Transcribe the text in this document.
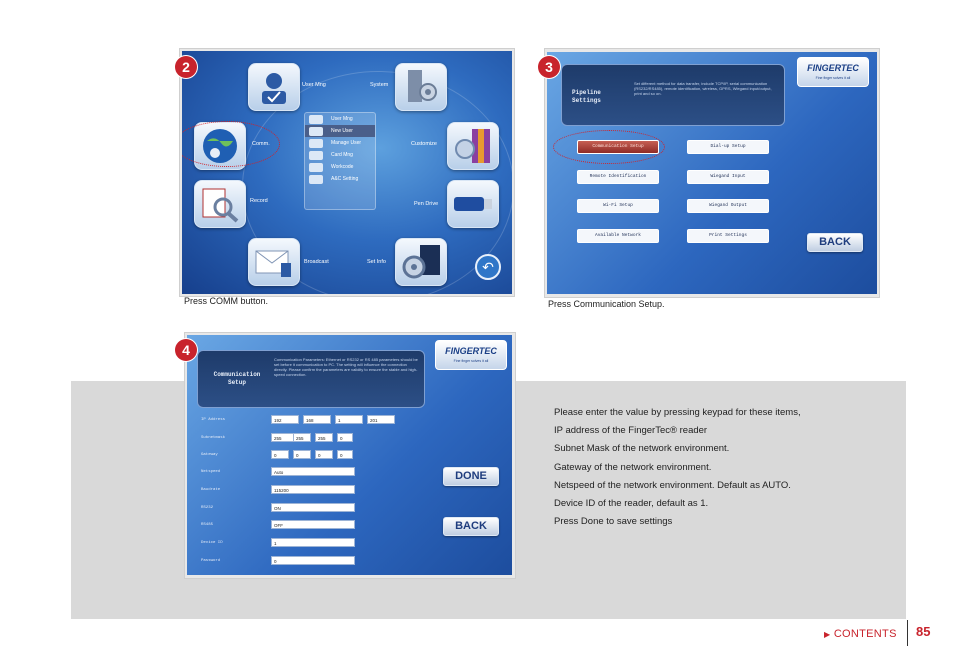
User Mng	System
Comm.
User Mng
New User
Manage User
Card Mng
Workcode
A&C Setting
Customize
Record	Pen Drive
Broadcast	Set Info	↶
2
Press COMM button.
Pipeline Settings
Set different method for data transfer, include TCP/IP, serial communication (RS232/RS485), remote identification, wireless, GPRS, Wiegand input/output, print and so on.
FINGERTEC
Fine finger solves it all
Communication Setup	Dial-up Setup
Remote Identification	Wiegand Input
Wi-Fi Setup	Wiegand Output
Available Network	Print Settings
BACK
3
Press Communication Setup.
Communication Setup
Communication Parameters: Ethernet or RS232 or RS 485 parameters should be set before it communication to PC. The setting will influence the connection directly. Please confirm the parameters are validity to ensure the stable and high-speed connection.
FINGERTEC
Fine finger solves it all
IP Address	192	168	1	201
Subnetmask	255	255	255	0
Gateway	0	0	0	0
Netspeed	Auto
Baudrate	115200
RS232	ON
RS485	OFF
Device ID	1
Password	0
DONE
BACK
4
Please enter the value by pressing keypad for these items,
IP address of the FingerTec® reader
Subnet Mask of the network environment.
Gateway of the network environment.
Netspeed of the network environment. Default as AUTO.
Device ID of the reader, default as 1.
Press Done to save settings
▶ CONTENTS 85
